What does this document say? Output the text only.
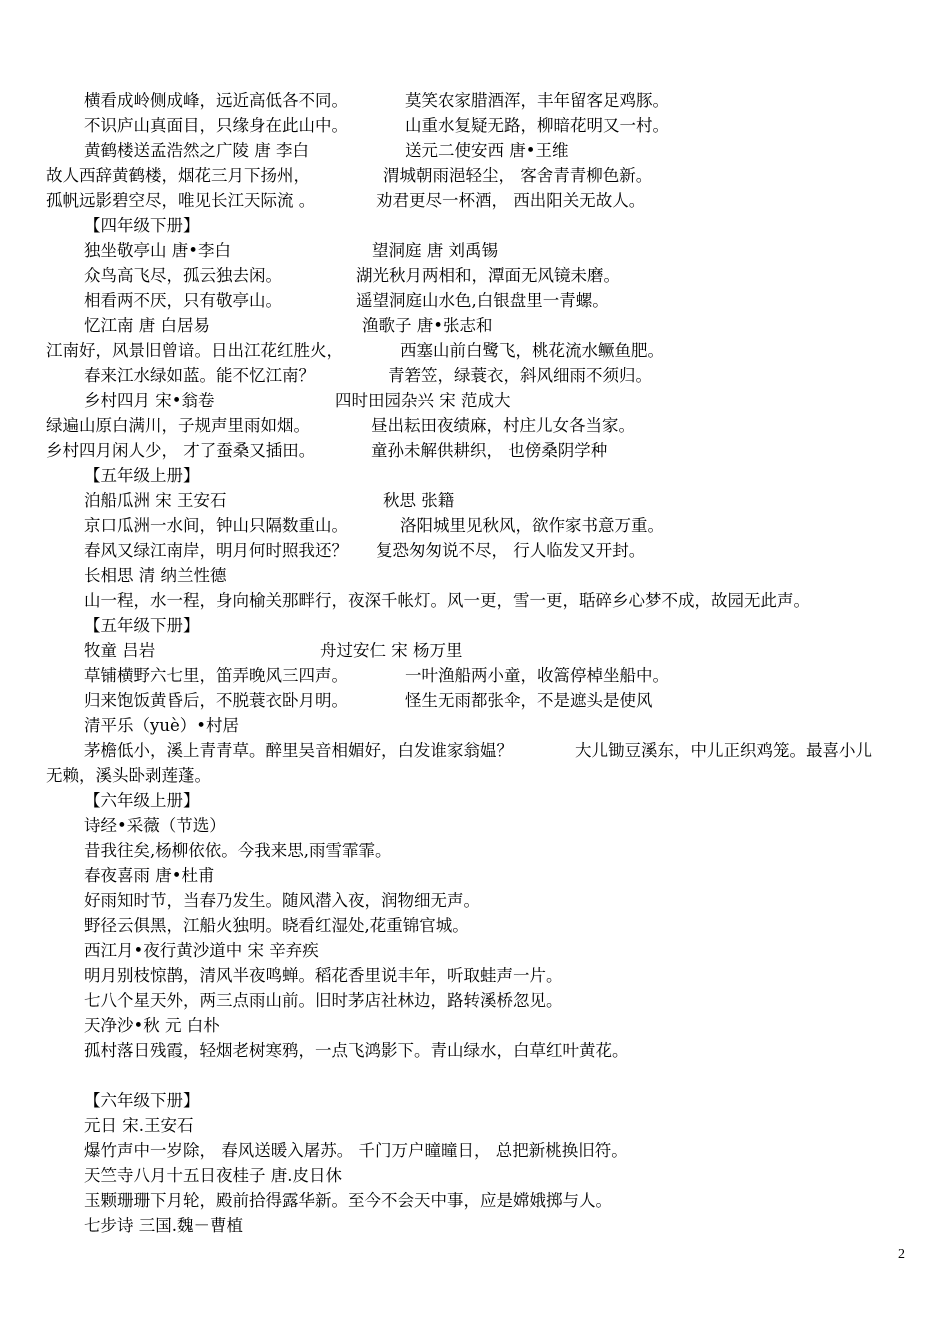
横看成岭侧成峰，远近高低各不同。	莫笑农家腊酒浑，丰年留客足鸡豚。
不识庐山真面目，只缘身在此山中。	山重水复疑无路，柳暗花明又一村。
黄鹤楼送孟浩然之广陵 唐 李白	送元二使安西 唐•王维
故人西辞黄鹤楼，烟花三月下扬州，	渭城朝雨浥轻尘， 客舍青青柳色新。
孤帆远影碧空尽，唯见长江天际流 。	劝君更尽一杯酒， 西出阳关无故人。
【四年级下册】
独坐敬亭山 唐•李白	望洞庭 唐 刘禹锡
众鸟高飞尽，孤云独去闲。	湖光秋月两相和，潭面无风镜未磨。
相看两不厌，只有敬亭山。	遥望洞庭山水色,白银盘里一青螺。
忆江南 唐 白居易	渔歌子 唐•张志和
江南好，风景旧曾谙。日出江花红胜火，	西塞山前白鹭飞，桃花流水鳜鱼肥。
春来江水绿如蓝。能不忆江南？	青箬笠，绿蓑衣，斜风细雨不须归。
乡村四月 宋•翁卷	四时田园杂兴 宋 范成大
绿遍山原白满川，子规声里雨如烟。	昼出耘田夜绩麻，村庄儿女各当家。
乡村四月闲人少， 才了蚕桑又插田。	童孙未解供耕织， 也傍桑阴学种
【五年级上册】
泊船瓜洲 宋 王安石	秋思 张籍
京口瓜洲一水间，钟山只隔数重山。	洛阳城里见秋风，欲作家书意万重。
春风又绿江南岸，明月何时照我还？ 复恐匆匆说不尽， 行人临发又开封。
长相思 清 纳兰性德
山一程，水一程，身向榆关那畔行，夜深千帐灯。风一更，雪一更，聒碎乡心梦不成，故园无此声。
【五年级下册】
牧童 吕岩	舟过安仁 宋 杨万里
草铺横野六七里，笛弄晚风三四声。	一叶渔船两小童，收篙停棹坐船中。
归来饱饭黄昏后，不脱蓑衣卧月明。	怪生无雨都张伞，不是遮头是使风
清平乐（yuè）•村居
茅檐低小，溪上青青草。醉里吴音相媚好，白发谁家翁媪？	大儿锄豆溪东，中儿正织鸡笼。最喜小儿
无赖，溪头卧剥莲蓬。
【六年级上册】
诗经•采薇（节选）
昔我往矣,杨柳依依。今我来思,雨雪霏霏。
春夜喜雨 唐•杜甫
好雨知时节，当春乃发生。随风潜入夜，润物细无声。
野径云俱黑，江船火独明。晓看红湿处,花重锦官城。
西江月•夜行黄沙道中 宋 辛弃疾
明月别枝惊鹊，清风半夜鸣蝉。稻花香里说丰年，听取蛙声一片。
七八个星天外，两三点雨山前。旧时茅店社林边，路转溪桥忽见。
天净沙•秋 元 白朴
孤村落日残霞，轻烟老树寒鸦，一点飞鸿影下。青山绿水，白草红叶黄花。
【六年级下册】
元日 宋.王安石
爆竹声中一岁除， 春风送暖入屠苏。 千门万户曈曈日， 总把新桃换旧符。
天竺寺八月十五日夜桂子 唐.皮日休
玉颗珊珊下月轮，殿前拾得露华新。至今不会天中事，应是嫦娥掷与人。
七步诗 三国.魏－曹植
2
